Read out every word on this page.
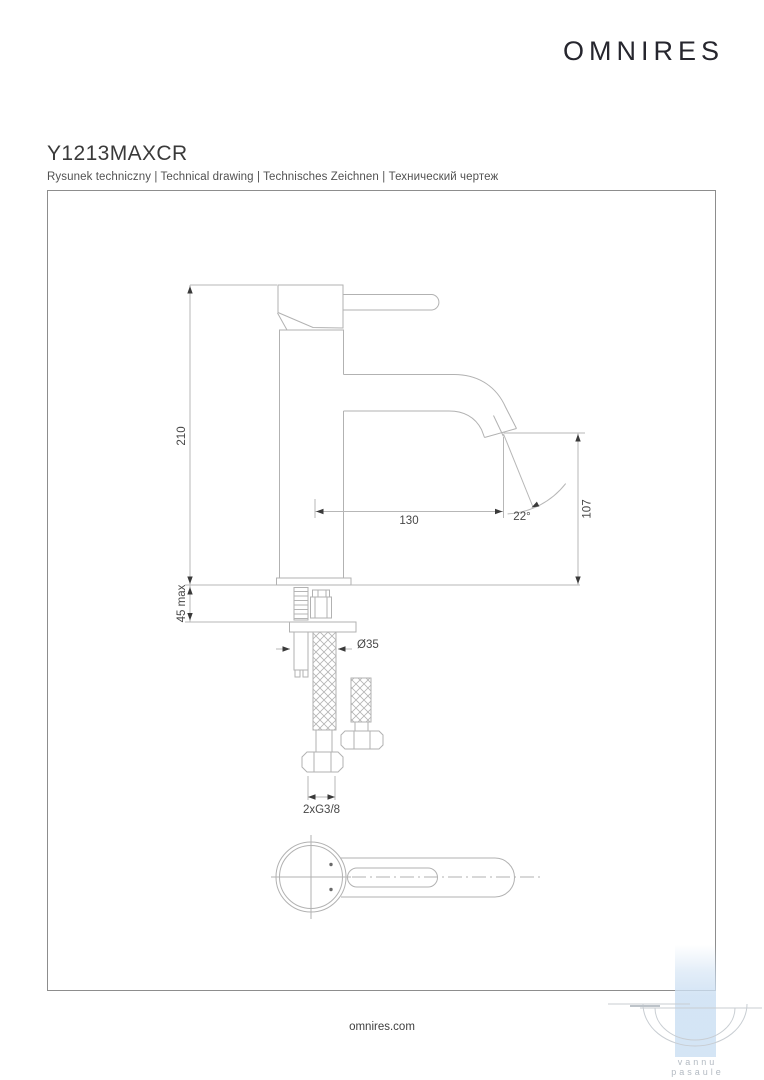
OMNIRES
Y1213MAXCR
Rysunek techniczny | Technical drawing | Technisches Zeichnen | Технический чертеж
210
45 max
130	22°	107
Ø35
2xG3/8
omnires.com
vannu
pasaule
